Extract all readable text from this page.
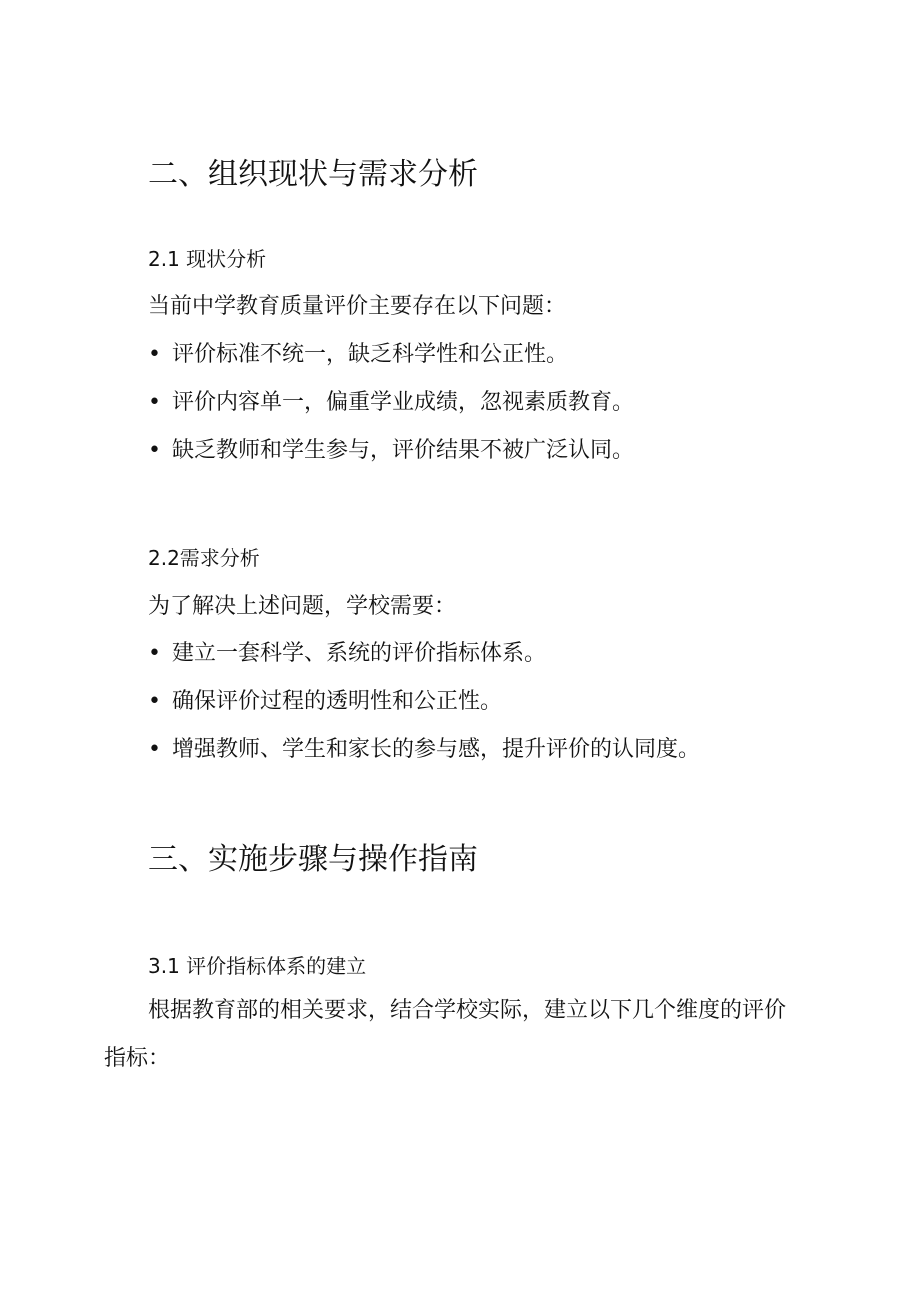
二、组织现状与需求分析
2.1 现状分析
当前中学教育质量评价主要存在以下问题：
• 评价标准不统一，缺乏科学性和公正性。
• 评价内容单一，偏重学业成绩，忽视素质教育。
• 缺乏教师和学生参与，评价结果不被广泛认同。
2.2需求分析
为了解决上述问题，学校需要：
• 建立一套科学、系统的评价指标体系。
• 确保评价过程的透明性和公正性。
• 增强教师、学生和家长的参与感，提升评价的认同度。
三、实施步骤与操作指南
3.1 评价指标体系的建立
根据教育部的相关要求，结合学校实际，建立以下几个维度的评价指标：
